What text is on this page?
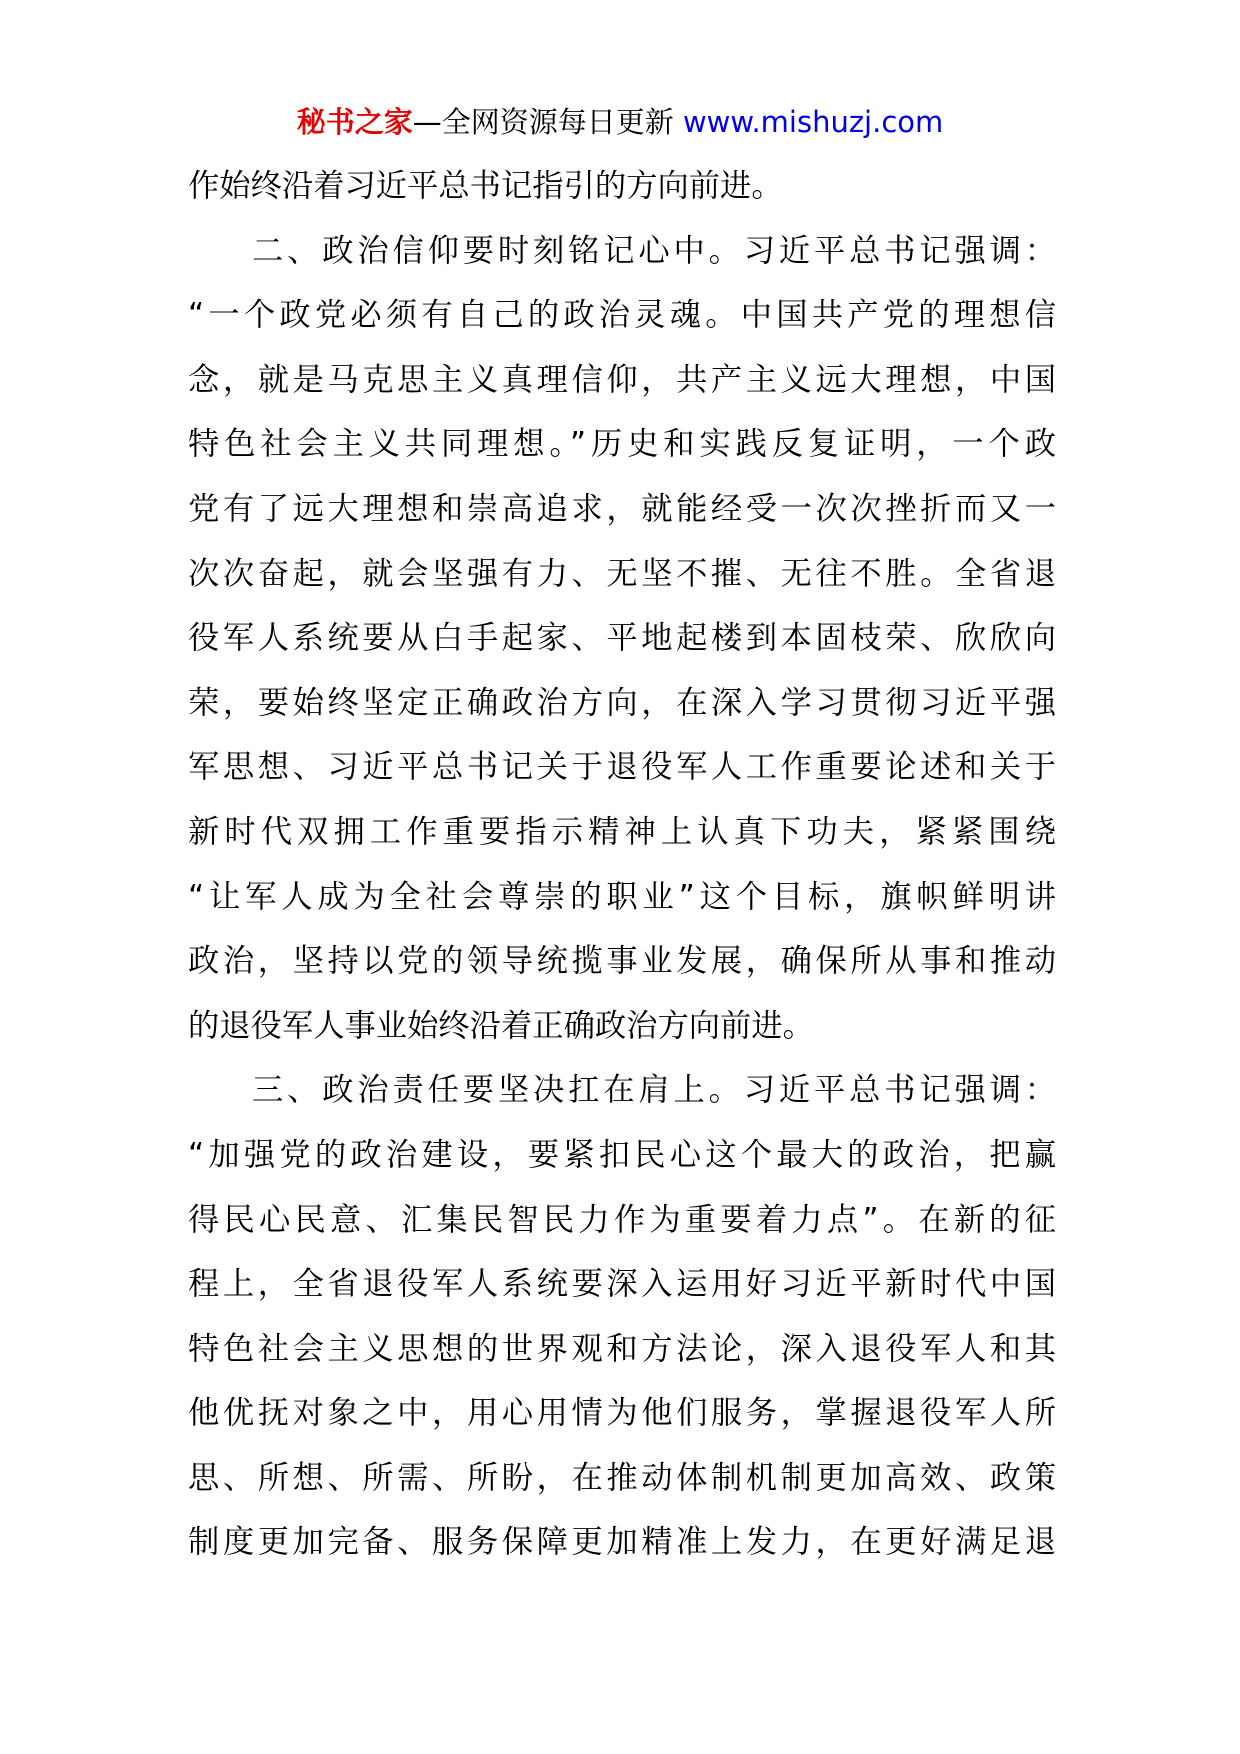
秘书之家—全网资源每日更新 www.mishuzj.com
作始终沿着习近平总书记指引的方向前进。
二、政治信仰要时刻铭记心中。习近平总书记强调：
“一个政党必须有自己的政治灵魂。中国共产党的理想信
念，就是马克思主义真理信仰，共产主义远大理想，中国
特色社会主义共同理想。”历史和实践反复证明，一个政
党有了远大理想和崇高追求，就能经受一次次挫折而又一
次次奋起，就会坚强有力、无坚不摧、无往不胜。全省退
役军人系统要从白手起家、平地起楼到本固枝荣、欣欣向
荣，要始终坚定正确政治方向，在深入学习贯彻习近平强
军思想、习近平总书记关于退役军人工作重要论述和关于
新时代双拥工作重要指示精神上认真下功夫，紧紧围绕
“让军人成为全社会尊崇的职业”这个目标，旗帜鲜明讲
政治，坚持以党的领导统揽事业发展，确保所从事和推动
的退役军人事业始终沿着正确政治方向前进。
三、政治责任要坚决扛在肩上。习近平总书记强调：
“加强党的政治建设，要紧扣民心这个最大的政治，把赢
得民心民意、汇集民智民力作为重要着力点”。在新的征
程上，全省退役军人系统要深入运用好习近平新时代中国
特色社会主义思想的世界观和方法论，深入退役军人和其
他优抚对象之中，用心用情为他们服务，掌握退役军人所
思、所想、所需、所盼，在推动体制机制更加高效、政策
制度更加完备、服务保障更加精准上发力，在更好满足退
